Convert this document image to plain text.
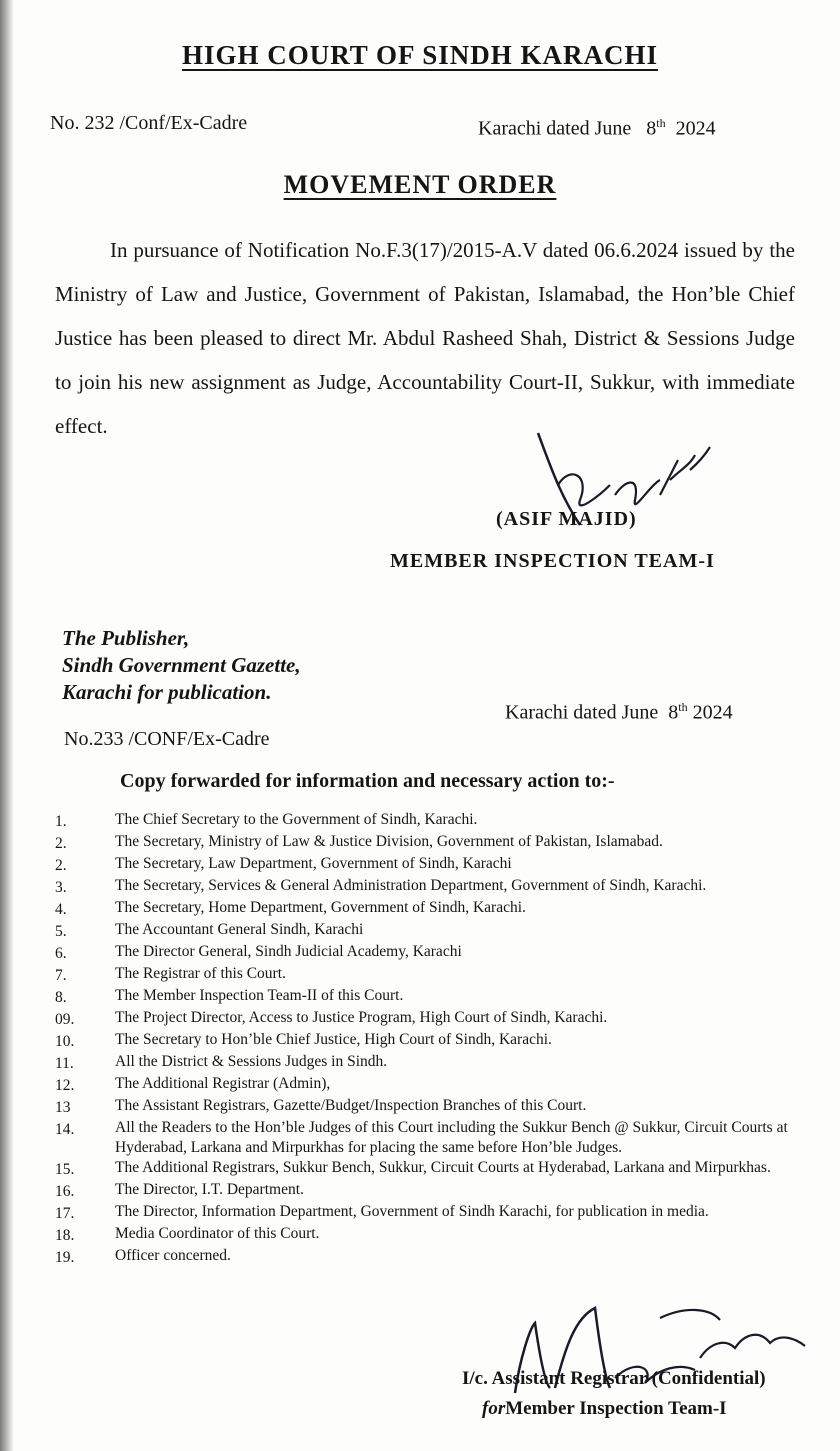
HIGH COURT OF SINDH KARACHI
No. 232 /Conf/Ex-Cadre	Karachi dated June 8th 2024
MOVEMENT ORDER
In pursuance of Notification No.F.3(17)/2015-A.V dated 06.6.2024 issued by the Ministry of Law and Justice, Government of Pakistan, Islamabad, the Hon’ble Chief Justice has been pleased to direct Mr. Abdul Rasheed Shah, District & Sessions Judge to join his new assignment as Judge, Accountability Court-II, Sukkur, with immediate effect.
(ASIF MAJID)
MEMBER INSPECTION TEAM-I
The Publisher,
Sindh Government Gazette,
Karachi for publication.
Karachi dated June 8th 2024
No.233 /CONF/Ex-Cadre
Copy forwarded for information and necessary action to:-
1.	The Chief Secretary to the Government of Sindh, Karachi.
2.	The Secretary, Ministry of Law & Justice Division, Government of Pakistan, Islamabad.
2.	The Secretary, Law Department, Government of Sindh, Karachi
3.	The Secretary, Services & General Administration Department, Government of Sindh, Karachi.
4.	The Secretary, Home Department, Government of Sindh, Karachi.
5.	The Accountant General Sindh, Karachi
6.	The Director General, Sindh Judicial Academy, Karachi
7.	The Registrar of this Court.
8.	The Member Inspection Team-II of this Court.
09.	The Project Director, Access to Justice Program, High Court of Sindh, Karachi.
10.	The Secretary to Hon’ble Chief Justice, High Court of Sindh, Karachi.
11.	All the District & Sessions Judges in Sindh.
12.	The Additional Registrar (Admin),
13	The Assistant Registrars, Gazette/Budget/Inspection Branches of this Court.
14.	All the Readers to the Hon’ble Judges of this Court including the Sukkur Bench @ Sukkur, Circuit Courts at Hyderabad, Larkana and Mirpurkhas for placing the same before Hon’ble Judges.
15.	The Additional Registrars, Sukkur Bench, Sukkur, Circuit Courts at Hyderabad, Larkana and Mirpurkhas.
16.	The Director, I.T. Department.
17.	The Director, Information Department, Government of Sindh Karachi, for publication in media.
18.	Media Coordinator of this Court.
19.	Officer concerned.
I/c. Assistant Registrar (Confidential)
forMember Inspection Team-I
